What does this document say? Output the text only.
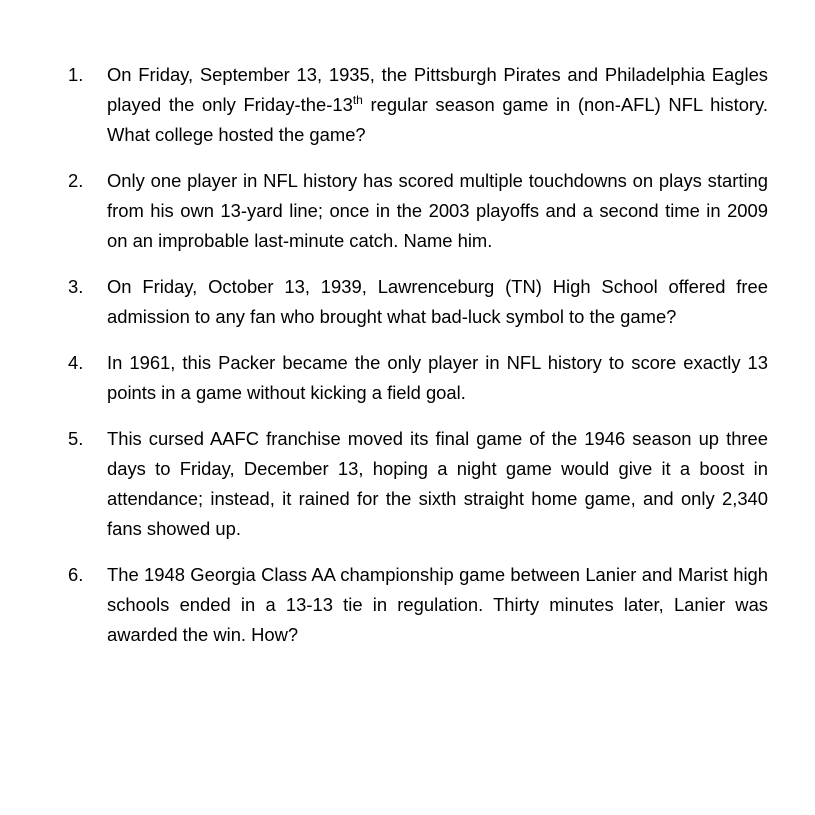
1.	On Friday, September 13, 1935, the Pittsburgh Pirates and Philadelphia Eagles played the only Friday-the-13th regular season game in (non-AFL) NFL history. What college hosted the game?
2.	Only one player in NFL history has scored multiple touchdowns on plays starting from his own 13-yard line; once in the 2003 playoffs and a second time in 2009 on an improbable last-minute catch. Name him.
3.	On Friday, October 13, 1939, Lawrenceburg (TN) High School offered free admission to any fan who brought what bad-luck symbol to the game?
4.	In 1961, this Packer became the only player in NFL history to score exactly 13 points in a game without kicking a field goal.
5.	This cursed AAFC franchise moved its final game of the 1946 season up three days to Friday, December 13, hoping a night game would give it a boost in attendance; instead, it rained for the sixth straight home game, and only 2,340 fans showed up.
6.	The 1948 Georgia Class AA championship game between Lanier and Marist high schools ended in a 13-13 tie in regulation. Thirty minutes later, Lanier was awarded the win. How?
